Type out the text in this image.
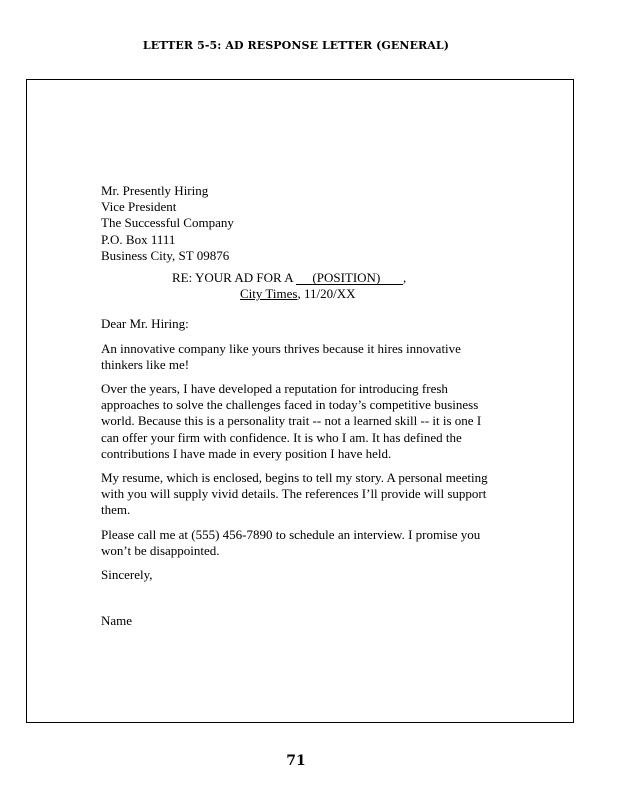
LETTER 5-5: AD RESPONSE LETTER (GENERAL)
Mr. Presently Hiring
Vice President
The Successful Company
P.O. Box 1111
Business City, ST 09876
RE: YOUR AD FOR A (POSITION) ,
City Times, 11/20/XX
Dear Mr. Hiring:
An innovative company like yours thrives because it hires innovative thinkers like me!
Over the years, I have developed a reputation for introducing fresh approaches to solve the challenges faced in today’s competitive business world. Because this is a personality trait -- not a learned skill -- it is one I can offer your firm with confidence. It is who I am. It has defined the contributions I have made in every position I have held.
My resume, which is enclosed, begins to tell my story. A personal meeting with you will supply vivid details. The references I’ll provide will support them.
Please call me at (555) 456-7890 to schedule an interview. I promise you won’t be disappointed.
Sincerely,
Name
71
